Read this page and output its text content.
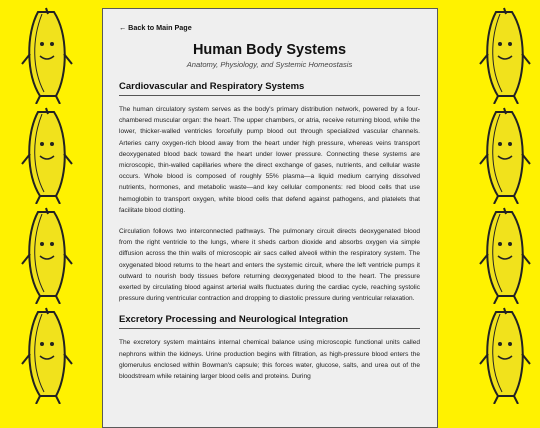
← Back to Main Page
Human Body Systems

Anatomy, Physiology, and Systemic Homeostasis

Cardiovascular and Respiratory Systems

The human circulatory system serves as the body's primary distribution network, powered by a four-chambered muscular organ: the heart. The upper chambers, or atria, receive returning blood, while the lower, thicker-walled ventricles forcefully pump blood out through specialized vascular channels. Arteries carry oxygen-rich blood away from the heart under high pressure, whereas veins transport deoxygenated blood back toward the heart under lower pressure. Connecting these systems are microscopic, thin-walled capillaries where the direct exchange of gases, nutrients, and cellular waste occurs. Whole blood is composed of roughly 55% plasma—a liquid medium carrying dissolved nutrients, hormones, and metabolic waste—and key cellular components: red blood cells that use hemoglobin to transport oxygen, white blood cells that defend against pathogens, and platelets that facilitate blood clotting.

Circulation follows two interconnected pathways. The pulmonary circuit directs deoxygenated blood from the right ventricle to the lungs, where it sheds carbon dioxide and absorbs oxygen via simple diffusion across the thin walls of microscopic air sacs called alveoli within the respiratory system. The oxygenated blood returns to the heart and enters the systemic circuit, where the left ventricle pumps it outward to nourish body tissues before returning deoxygenated blood to the heart. The pressure exerted by circulating blood against arterial walls fluctuates during the cardiac cycle, reaching systolic pressure during ventricular contraction and dropping to diastolic pressure during ventricular relaxation.

Excretory Processing and Neurological Integration

The excretory system maintains internal chemical balance using microscopic functional units called nephrons within the kidneys. Urine production begins with filtration, as high-pressure blood enters the glomerulus enclosed within Bowman's capsule; this forces water, glucose, salts, and urea out of the bloodstream while retaining larger blood cells and proteins. During
